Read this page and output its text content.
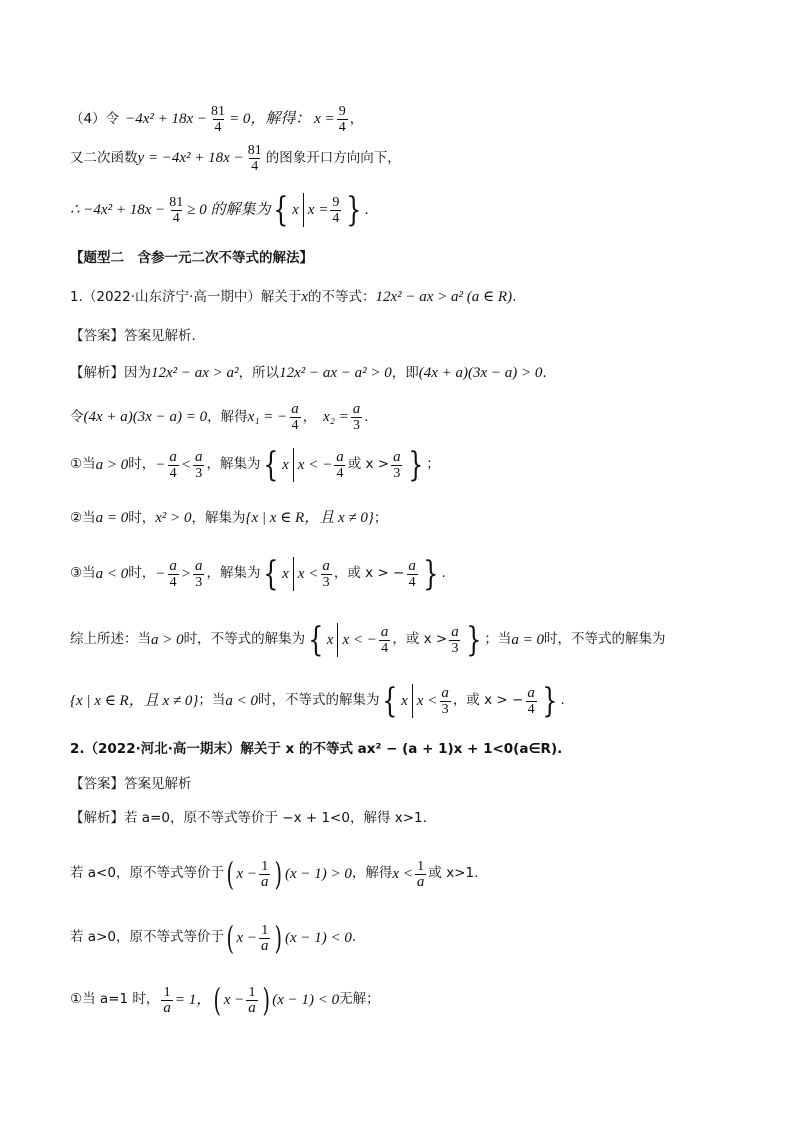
（4）令 $-4x^2 + 18x - \frac{81}{4} = 0$，解得： $x = \frac{9}{4}$ ，
又二次函数 $y = -4x^2 + 18x - \frac{81}{4}$ 的图象开口方向向下，
∴ $-4x^2 + 18x - \frac{81}{4} \ge 0$ 的解集为 { x $x = \frac{9}{4}$ } .
【题型二　含参一元二次不等式的解法】
1.（2022·山东济宁·高一期中）解关于 x 的不等式： 12x² − ax > a² (a ∈ R) .
【答案】答案见解析.
【解析】因为 12x² − ax > a² ，所以 12x² − ax − a² > 0 ，即 (4x + a)(3x − a) > 0 .
令 (4x + a)(3x − a) = 0 ，解得 x₁ = − $\frac{a}{4}$ ，　 $x_2 = \frac{a}{3}$ .
①当 a > 0 时， − $\frac{a}{4} < \frac{a}{3}$ ，解集为 { x x < − $\frac{a}{4}$ 或 $x > \frac{a}{3}$ } ；
②当 a = 0 时， x² > 0 ，解集为 {x | x ∈ R，且 x ≠ 0} ；
③当 a < 0 时， − $\frac{a}{4} > \frac{a}{3}$ ，解集为 { x $x < \frac{a}{3}$ ，或 x > − $\frac{a}{4}$ } .
综上所述：当 a > 0 时，不等式的解集为 { x x < − $\frac{a}{4}$ ，或 $x > \frac{a}{3}$ } ；当 a = 0 时，不等式的解集为
{x | x ∈ R，且 x ≠ 0} ；当 a < 0 时，不等式的解集为 { x $x < \frac{a}{3}$ ，或 x > − $\frac{a}{4}$ } .
2.（2022·河北·高一期末）解关于 x 的不等式 ax² − (a + 1)x + 1<0(a∈R).
【答案】答案见解析
【解析】若 a=0，原不等式等价于 −x + 1<0，解得 x>1.
若 a<0，原不等式等价于 ( $x - \frac{1}{a}$ ) (x − 1) > 0 ，解得 $x < \frac{1}{a}$ 或 x>1.
若 a>0，原不等式等价于 ( $x - \frac{1}{a}$ ) (x − 1) < 0 .
①当 a=1 时， $\frac{1}{a} = 1$， ( $x - \frac{1}{a}$ ) (x − 1) < 0 无解；
